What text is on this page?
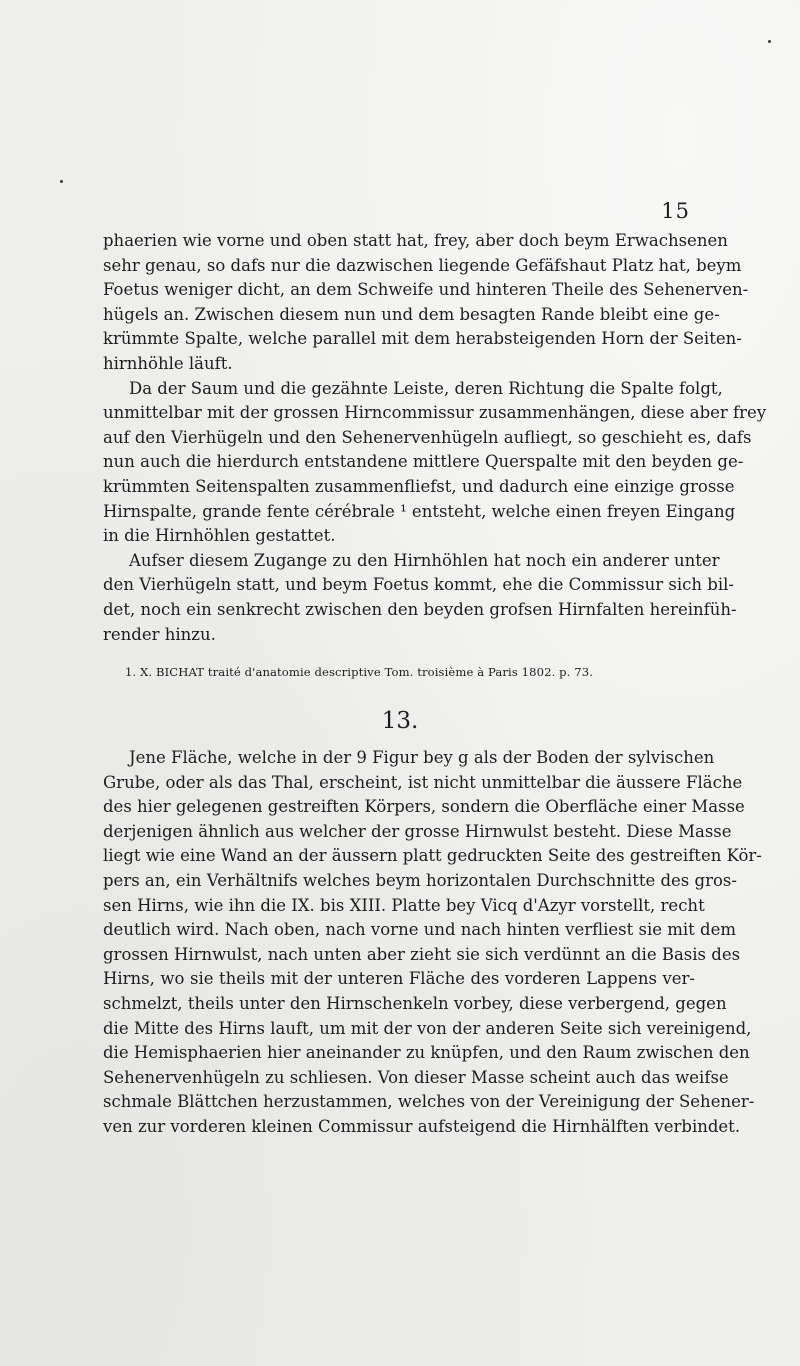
15
phaerien wie vorne und oben statt hat, frey, aber doch beym Erwachsenen
sehr genau, so dafs nur die dazwischen liegende Gefäfshaut Platz hat, beym
Foetus weniger dicht, an dem Schweife und hinteren Theile des Sehenerven-
hügels an. Zwischen diesem nun und dem besagten Rande bleibt eine ge-
krümmte Spalte, welche parallel mit dem herabsteigenden Horn der Seiten-
hirnhöhle läuft.
Da der Saum und die gezähnte Leiste, deren Richtung die Spalte folgt,
unmittelbar mit der grossen Hirncommissur zusammenhängen, diese aber frey
auf den Vierhügeln und den Sehenervenhügeln aufliegt, so geschieht es, dafs
nun auch die hierdurch entstandene mittlere Querspalte mit den beyden ge-
krümmten Seitenspalten zusammenfliefst, und dadurch eine einzige grosse
Hirnspalte, grande fente cérébrale ¹ entsteht, welche einen freyen Eingang
in die Hirnhöhlen gestattet.
Aufser diesem Zugange zu den Hirnhöhlen hat noch ein anderer unter
den Vierhügeln statt, und beym Foetus kommt, ehe die Commissur sich bil-
det, noch ein senkrecht zwischen den beyden grofsen Hirnfalten hereinfüh-
render hinzu.
1. X. BICHAT traité d'anatomie descriptive Tom. troisième à Paris 1802. p. 73.
13.
Jene Fläche, welche in der 9 Figur bey g als der Boden der sylvischen
Grube, oder als das Thal, erscheint, ist nicht unmittelbar die äussere Fläche
des hier gelegenen gestreiften Körpers, sondern die Oberfläche einer Masse
derjenigen ähnlich aus welcher der grosse Hirnwulst besteht. Diese Masse
liegt wie eine Wand an der äussern platt gedruckten Seite des gestreiften Kör-
pers an, ein Verhältnifs welches beym horizontalen Durchschnitte des gros-
sen Hirns, wie ihn die IX. bis XIII. Platte bey Vicq d'Azyr vorstellt, recht
deutlich wird. Nach oben, nach vorne und nach hinten verfliest sie mit dem
grossen Hirnwulst, nach unten aber zieht sie sich verdünnt an die Basis des
Hirns, wo sie theils mit der unteren Fläche des vorderen Lappens ver-
schmelzt, theils unter den Hirnschenkeln vorbey, diese verbergend, gegen
die Mitte des Hirns lauft, um mit der von der anderen Seite sich vereinigend,
die Hemisphaerien hier aneinander zu knüpfen, und den Raum zwischen den
Sehenervenhügeln zu schliesen. Von dieser Masse scheint auch das weifse
schmale Blättchen herzustammen, welches von der Vereinigung der Sehener-
ven zur vorderen kleinen Commissur aufsteigend die Hirnhälften verbindet.
